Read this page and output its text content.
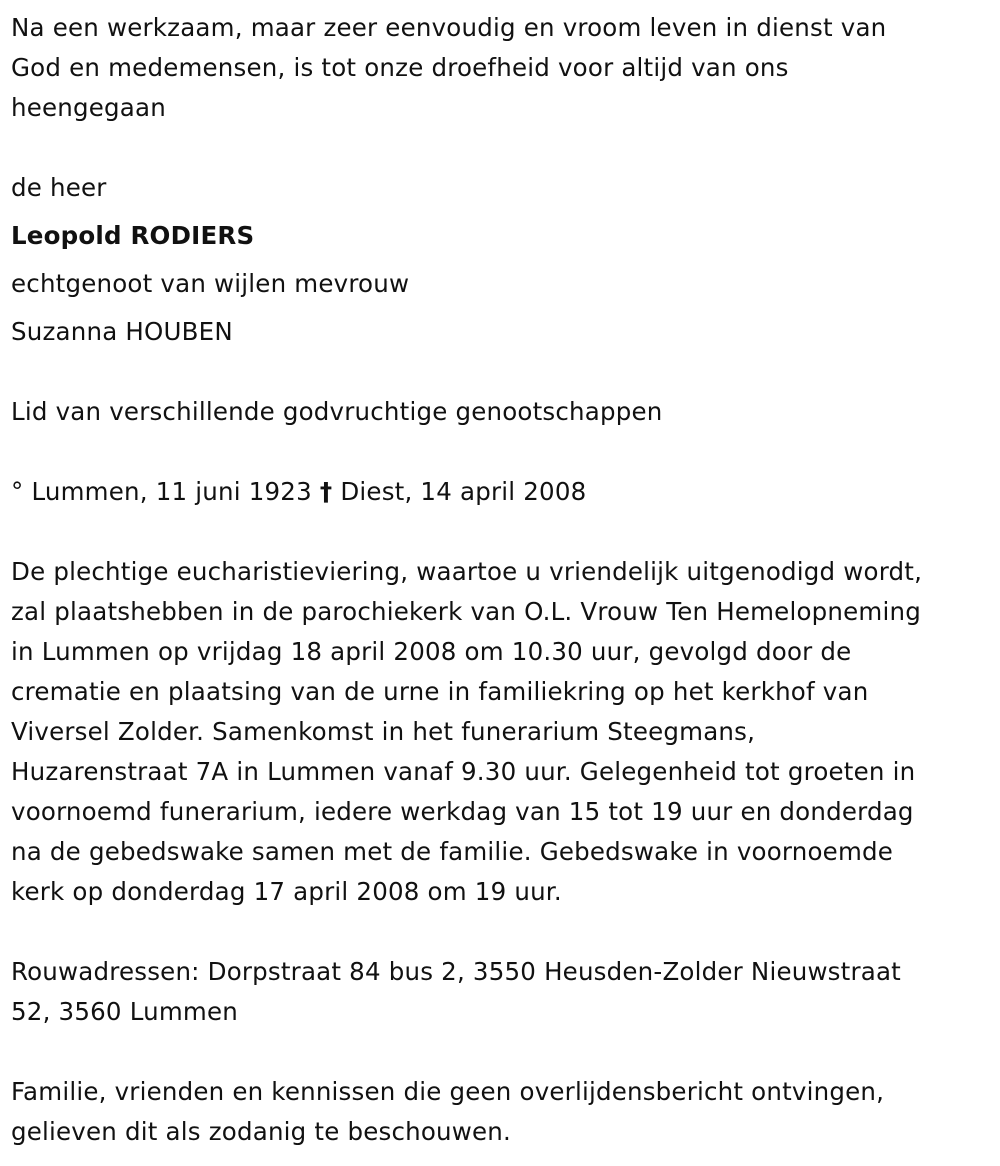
Na een werkzaam, maar zeer eenvoudig en vroom leven in dienst van
God en medemensen, is tot onze droefheid voor altijd van ons
heengegaan

de heer
Leopold RODIERS
echtgenoot van wijlen mevrouw
Suzanna HOUBEN
Lid van verschillende godvruchtige genootschappen
° Lummen, 11 juni 1923 † Diest, 14 april 2008

De plechtige eucharistieviering, waartoe u vriendelijk uitgenodigd wordt,
zal plaatshebben in de parochiekerk van O.L. Vrouw Ten Hemelopneming
in Lummen op vrijdag 18 april 2008 om 10.30 uur, gevolgd door de
crematie en plaatsing van de urne in familiekring op het kerkhof van
Viversel Zolder. Samenkomst in het funerarium Steegmans,
Huzarenstraat 7A in Lummen vanaf 9.30 uur. Gelegenheid tot groeten in
voornoemd funerarium, iedere werkdag van 15 tot 19 uur en donderdag
na de gebedswake samen met de familie. Gebedswake in voornoemde
kerk op donderdag 17 april 2008 om 19 uur.

Rouwadressen: Dorpstraat 84 bus 2, 3550 Heusden-Zolder Nieuwstraat
52, 3560 Lummen

Familie, vrienden en kennissen die geen overlijdensbericht ontvingen,
gelieven dit als zodanig te beschouwen.
